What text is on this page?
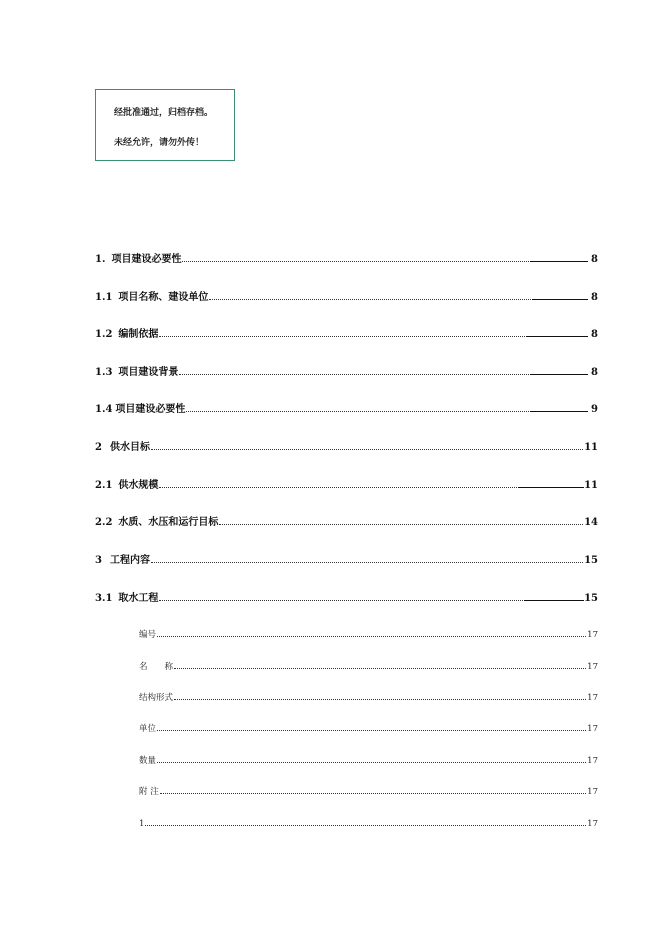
经批准通过，归档存档。
未经允许，请勿外传！
1. 项目建设必要性	8
1.1 项目名称、建设单位	8
1.2 编制依据	8
1.3 项目建设背景	8
1.4 项目建设必要性	9
2 供水目标	11
2.1 供水规模	11
2.2 水质、水压和运行目标	14
3 工程内容	15
3.1 取水工程	15
编号	17
名　　称	17
结构形式	17
单位	17
数量	17
附 注	17
1	17
